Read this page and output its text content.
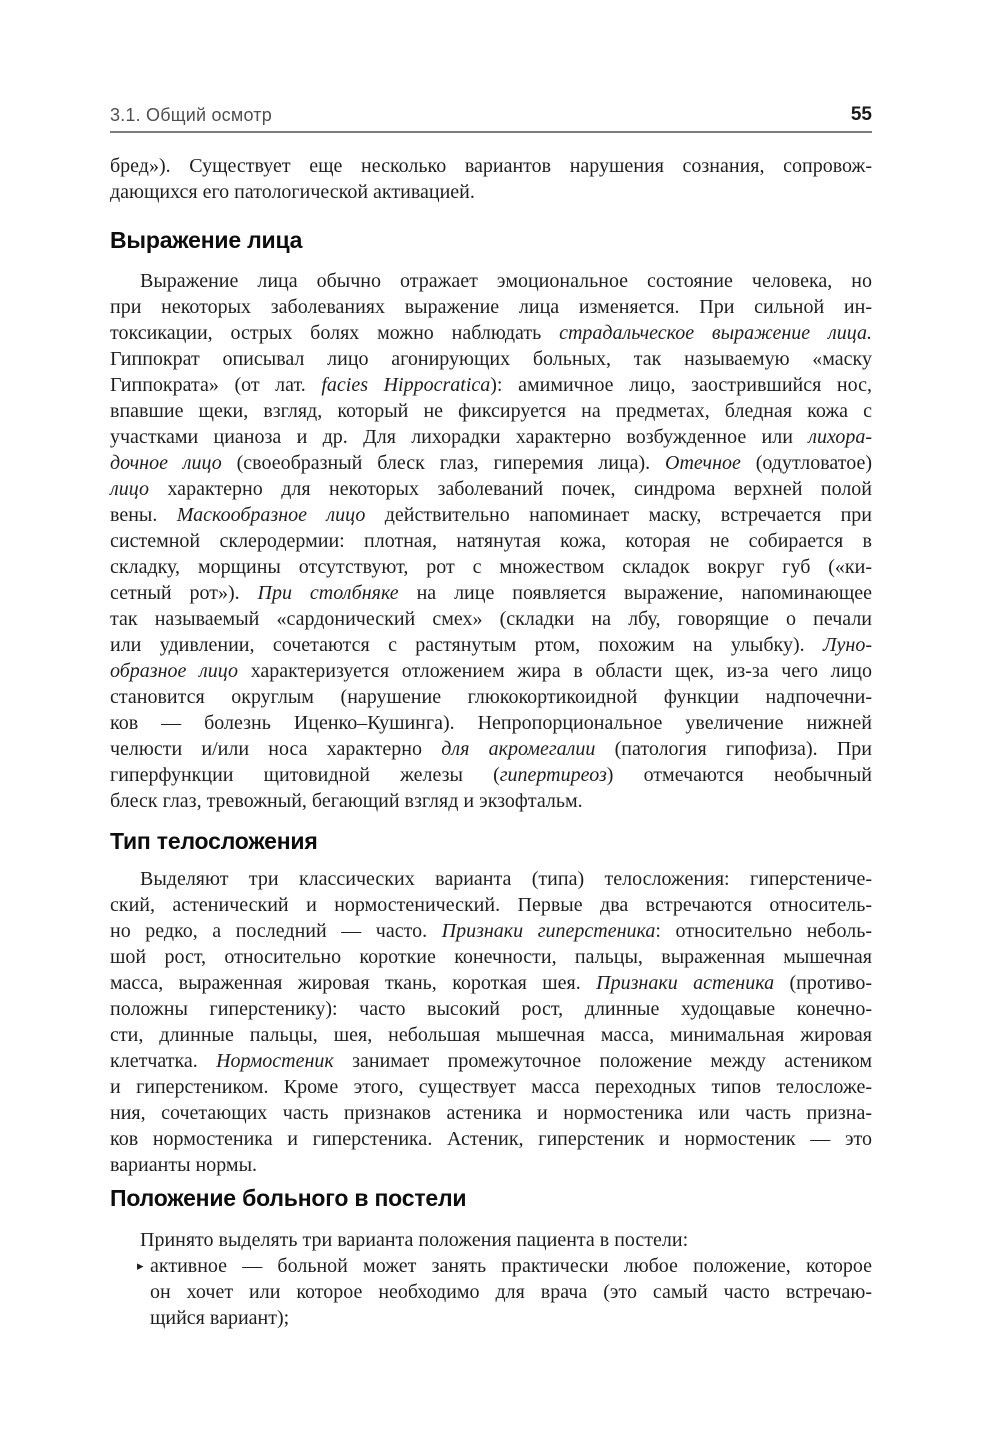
3.1. Общий осмотр	55
бред»). Существует еще несколько вариантов нарушения сознания, сопровож-
дающихся его патологической активацией.
Выражение лица
Выражение лица обычно отражает эмоциональное состояние человека, но
при некоторых заболеваниях выражение лица изменяется. При сильной ин-
токсикации, острых болях можно наблюдать страдальческое выражение лица.
Гиппократ описывал лицо агонирующих больных, так называемую «маску
Гиппократа» (от лат. facies Hippocratica): амимичное лицо, заострившийся нос,
впавшие щеки, взгляд, который не фиксируется на предметах, бледная кожа с
участками цианоза и др. Для лихорадки характерно возбужденное или лихора-
дочное лицо (своеобразный блеск глаз, гиперемия лица). Отечное (одутловатое)
лицо характерно для некоторых заболеваний почек, синдрома верхней полой
вены. Маскообразное лицо действительно напоминает маску, встречается при
системной склеродермии: плотная, натянутая кожа, которая не собирается в
складку, морщины отсутствуют, рот с множеством складок вокруг губ («ки-
сетный рот»). При столбняке на лице появляется выражение, напоминающее
так называемый «сардонический смех» (складки на лбу, говорящие о печали
или удивлении, сочетаются с растянутым ртом, похожим на улыбку). Луно-
образное лицо характеризуется отложением жира в области щек, из-за чего лицо
становится округлым (нарушение глюкокортикоидной функции надпочечни-
ков — болезнь Иценко–Кушинга). Непропорциональное увеличение нижней
челюсти и/или носа характерно для акромегалии (патология гипофиза). При
гиперфункции щитовидной железы (гипертиреоз) отмечаются необычный
блеск глаз, тревожный, бегающий взгляд и экзофтальм.
Тип телосложения
Выделяют три классических варианта (типа) телосложения: гиперстениче-
ский, астенический и нормостенический. Первые два встречаются относитель-
но редко, а последний — часто. Признаки гиперстеника: относительно неболь-
шой рост, относительно короткие конечности, пальцы, выраженная мышечная
масса, выраженная жировая ткань, короткая шея. Признаки астеника (противо-
положны гиперстенику): часто высокий рост, длинные худощавые конечно-
сти, длинные пальцы, шея, небольшая мышечная масса, минимальная жировая
клетчатка. Нормостеник занимает промежуточное положение между астеником
и гиперстеником. Кроме этого, существует масса переходных типов телосложе-
ния, сочетающих часть признаков астеника и нормостеника или часть призна-
ков нормостеника и гиперстеника. Астеник, гиперстеник и нормостеник — это
варианты нормы.
Положение больного в постели
Принято выделять три варианта положения пациента в постели:
▸ активное — больной может занять практически любое положение, которое
он хочет или которое необходимо для врача (это самый часто встречаю-
щийся вариант);
